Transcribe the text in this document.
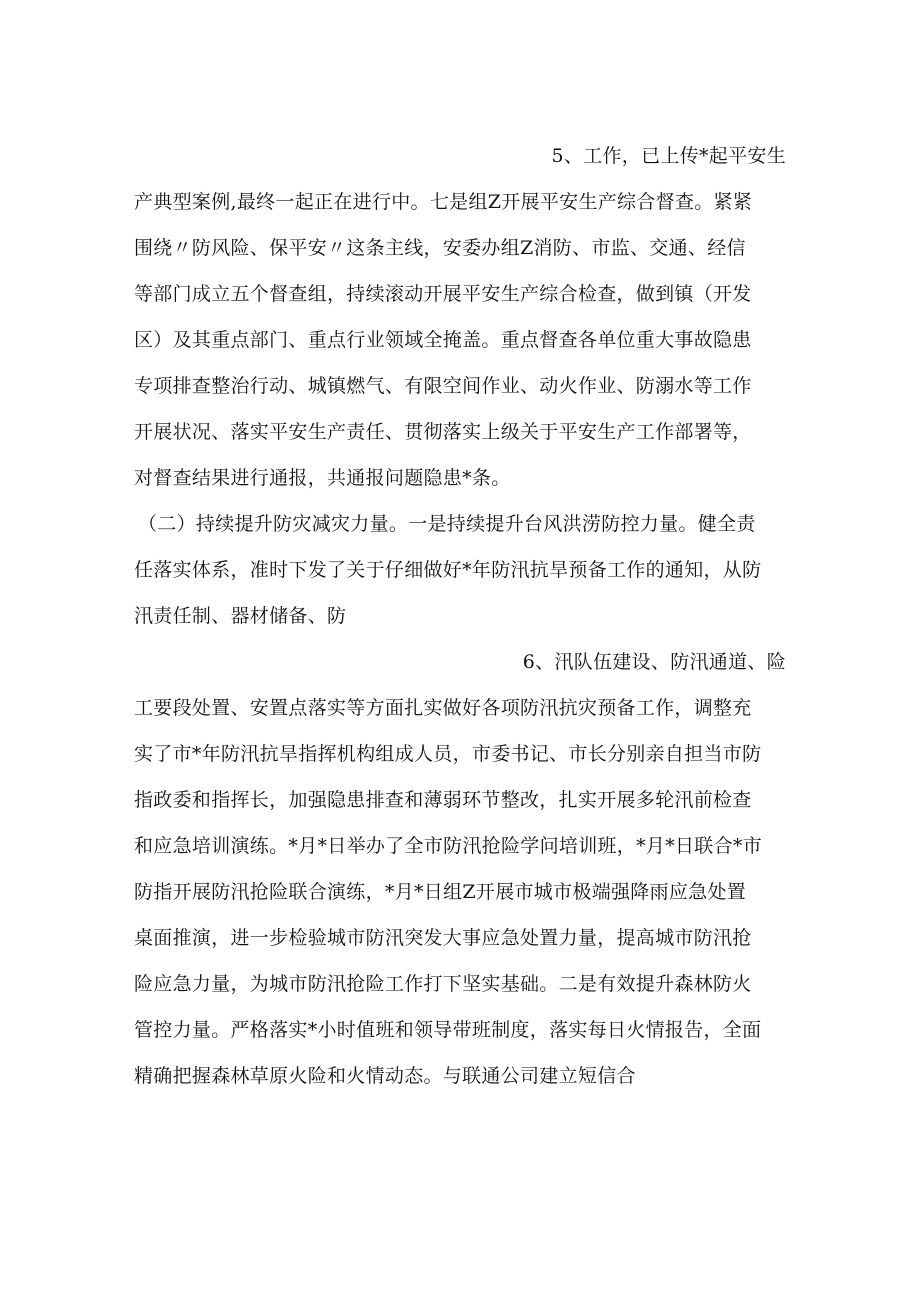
5、工作，已上传*起平安生
产典型案例,最终一起正在进行中。七是组Z开展平安生产综合督查。紧紧
围绕〃防风险、保平安〃这条主线，安委办组Z消防、市监、交通、经信
等部门成立五个督查组，持续滚动开展平安生产综合检查，做到镇（开发
区）及其重点部门、重点行业领域全掩盖。重点督查各单位重大事故隐患
专项排查整治行动、城镇燃气、有限空间作业、动火作业、防溺水等工作
开展状况、落实平安生产责任、贯彻落实上级关于平安生产工作部署等，
对督查结果进行通报，共通报问题隐患*条。
（二）持续提升防灾减灾力量。一是持续提升台风洪涝防控力量。健全责
任落实体系，准时下发了关于仔细做好*年防汛抗旱预备工作的通知，从防
汛责任制、器材储备、防
6、汛队伍建设、防汛通道、险
工要段处置、安置点落实等方面扎实做好各项防汛抗灾预备工作，调整充
实了市*年防汛抗旱指挥机构组成人员，市委书记、市长分别亲自担当市防
指政委和指挥长，加强隐患排查和薄弱环节整改，扎实开展多轮汛前检查
和应急培训演练。*月*日举办了全市防汛抢险学问培训班，*月*日联合*市
防指开展防汛抢险联合演练，*月*日组Z开展市城市极端强降雨应急处置
桌面推演，进一步检验城市防汛突发大事应急处置力量，提高城市防汛抢
险应急力量，为城市防汛抢险工作打下坚实基础。二是有效提升森林防火
管控力量。严格落实*小时值班和领导带班制度，落实每日火情报告，全面
精确把握森林草原火险和火情动态。与联通公司建立短信合
